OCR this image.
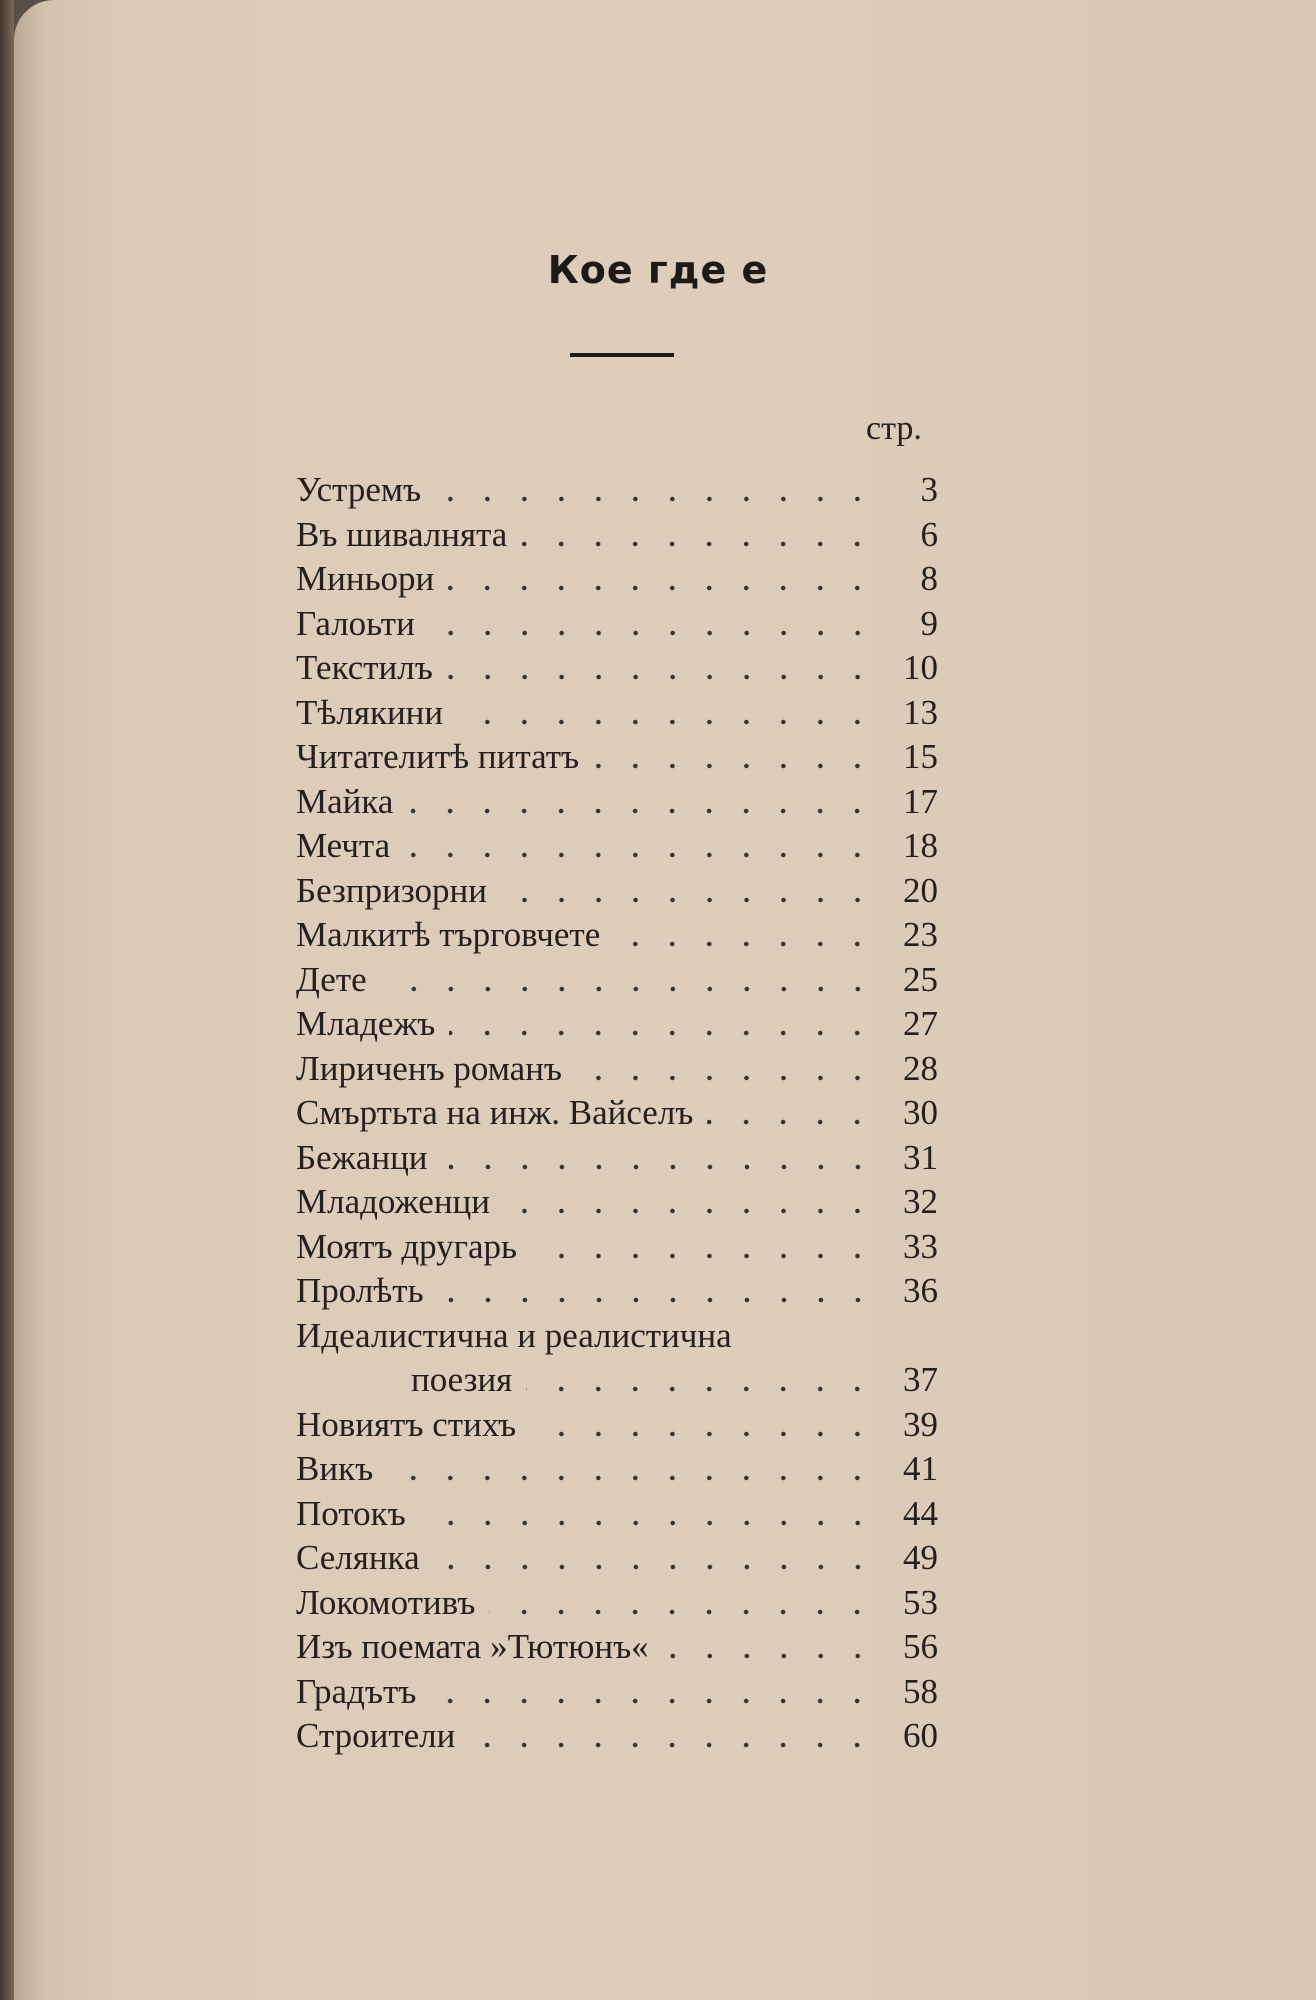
Кое где е
стр.
Устремъ	3
Въ шивалнята	6
Миньори	8
Галоьти	9
Текстилъ	10
Тѣлякини	13
Читателитѣ питатъ	15
Майка	17
Мечта	18
Безпризорни	20
Малкитѣ търговчете	23
Дете	25
Младежъ	27
Лириченъ романъ	28
Смъртьта на инж. Вайселъ	30
Бежанци	31
Младоженци	32
Моятъ другарь	33
Пролѣть	36
Идеалистична и реалистична
поезия	37
Новиятъ стихъ	39
Викъ	41
Потокъ	44
Селянка	49
Локомотивъ	53
Изъ поемата »Тютюнъ«	56
Градътъ	58
Строители	60
